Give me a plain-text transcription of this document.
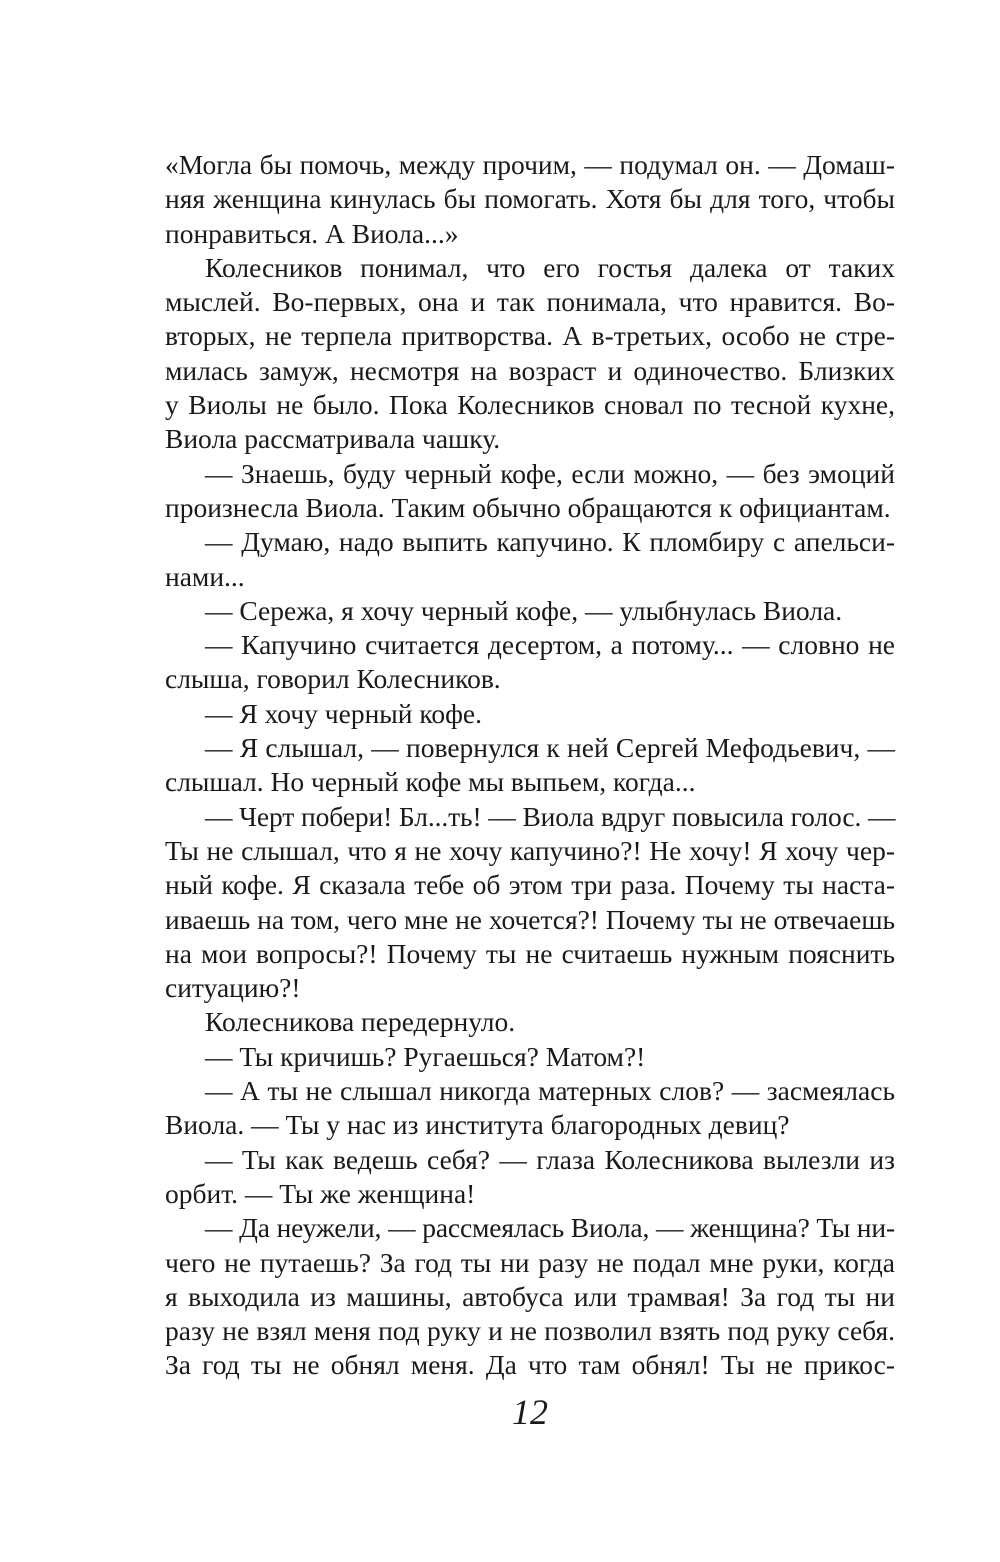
«Могла бы помочь, между прочим, — подумал он. — Домаш-
няя женщина кинулась бы помогать. Хотя бы для того, чтобы
понравиться. А Виола...»
Колесников понимал, что его гостья далека от таких
мыслей. Во-первых, она и так понимала, что нравится. Во-
вторых, не терпела притворства. А в-третьих, особо не стре-
милась замуж, несмотря на возраст и одиночество. Близких
у Виолы не было. Пока Колесников сновал по тесной кухне,
Виола рассматривала чашку.
— Знаешь, буду черный кофе, если можно, — без эмоций
произнесла Виола. Таким обычно обращаются к официантам.
— Думаю, надо выпить капучино. К пломбиру с апельси-
нами...
— Сережа, я хочу черный кофе, — улыбнулась Виола.
— Капучино считается десертом, а потому... — словно не
слыша, говорил Колесников.
— Я хочу черный кофе.
— Я слышал, — повернулся к ней Сергей Мефодьевич, —
слышал. Но черный кофе мы выпьем, когда...
— Черт побери! Бл...ть! — Виола вдруг повысила голос. —
Ты не слышал, что я не хочу капучино?! Не хочу! Я хочу чер-
ный кофе. Я сказала тебе об этом три раза. Почему ты наста-
иваешь на том, чего мне не хочется?! Почему ты не отвечаешь
на мои вопросы?! Почему ты не считаешь нужным пояснить
ситуацию?!
Колесникова передернуло.
— Ты кричишь? Ругаешься? Матом?!
— А ты не слышал никогда матерных слов? — засмеялась
Виола. — Ты у нас из института благородных девиц?
— Ты как ведешь себя? — глаза Колесникова вылезли из
орбит. — Ты же женщина!
— Да неужели, — рассмеялась Виола, — женщина? Ты ни-
чего не путаешь? За год ты ни разу не подал мне руки, когда
я выходила из машины, автобуса или трамвая! За год ты ни
разу не взял меня под руку и не позволил взять под руку себя.
За год ты не обнял меня. Да что там обнял! Ты не прикос-
12
